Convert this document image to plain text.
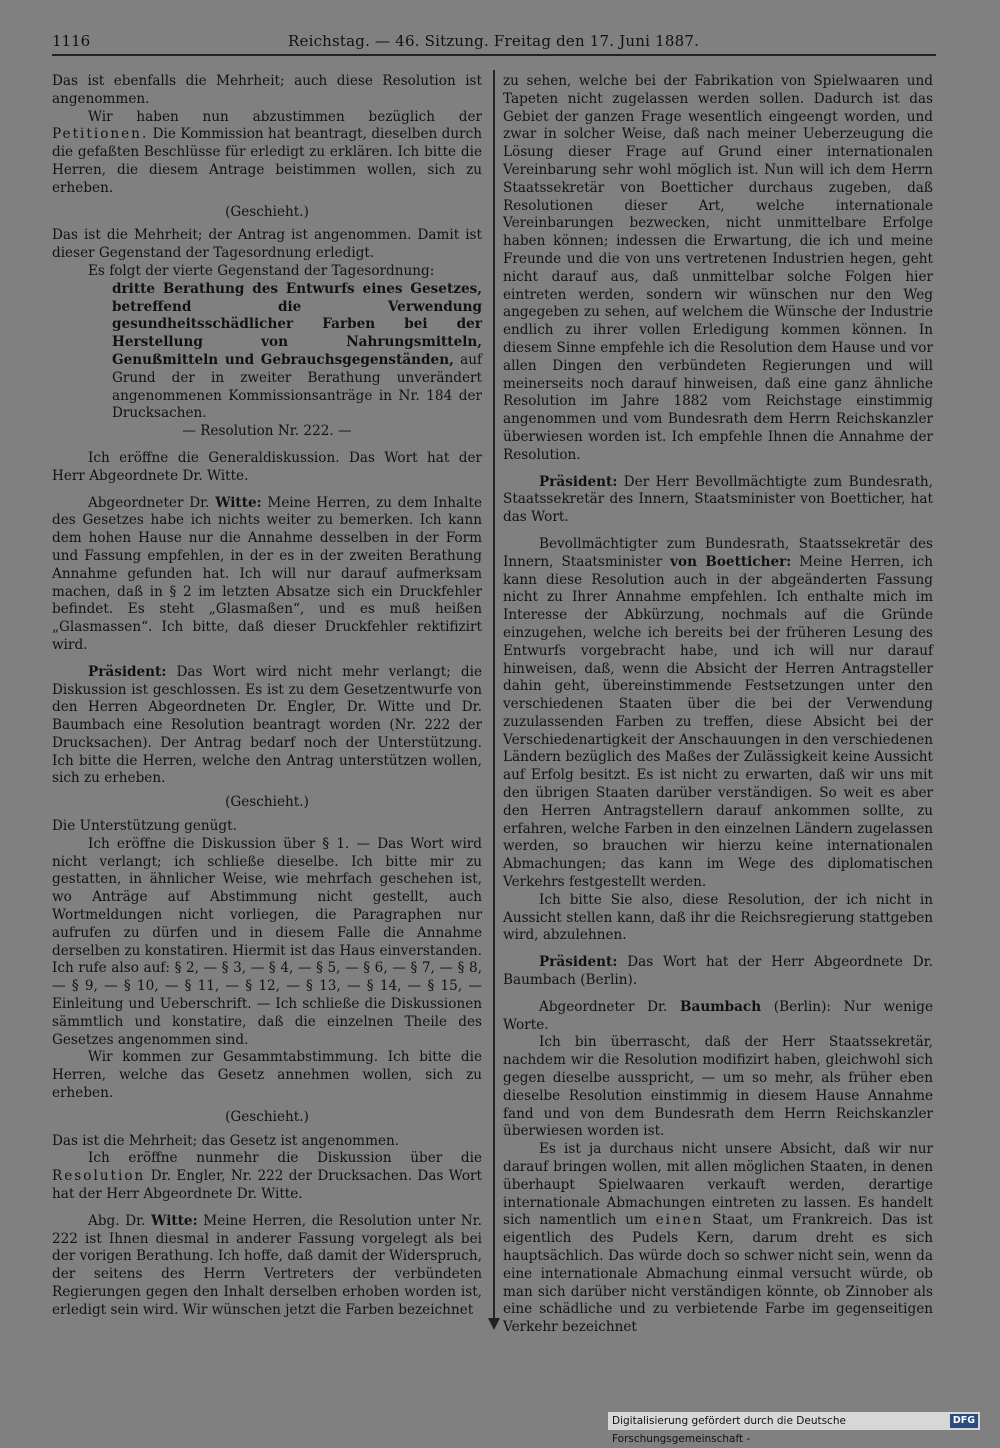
1116	Reichstag. — 46. Sitzung. Freitag den 17. Juni 1887.

Das ist ebenfalls die Mehrheit; auch diese Resolution ist angenommen.

Wir haben nun abzustimmen bezüglich der Petitionen. Die Kommission hat beantragt, dieselben durch die gefaßten Beschlüsse für erledigt zu erklären. Ich bitte die Herren, die diesem Antrage beistimmen wollen, sich zu erheben.

(Geschieht.)

Das ist die Mehrheit; der Antrag ist angenommen. Damit ist dieser Gegenstand der Tagesordnung erledigt.

Es folgt der vierte Gegenstand der Tagesordnung:

dritte Berathung des Entwurfs eines Gesetzes, betreffend die Verwendung gesundheitsschädlicher Farben bei der Herstellung von Nahrungsmitteln, Genußmitteln und Gebrauchsgegenständen, auf Grund der in zweiter Berathung unverändert angenommenen Kommissionsanträge in Nr. 184 der Drucksachen.

— Resolution Nr. 222. —

Ich eröffne die Generaldiskussion. Das Wort hat der Herr Abgeordnete Dr. Witte.

Abgeordneter Dr. Witte: Meine Herren, zu dem Inhalte des Gesetzes habe ich nichts weiter zu bemerken. Ich kann dem hohen Hause nur die Annahme desselben in der Form und Fassung empfehlen, in der es in der zweiten Berathung Annahme gefunden hat. Ich will nur darauf aufmerksam machen, daß in § 2 im letzten Absatze sich ein Druckfehler befindet. Es steht „Glasmaßen“, und es muß heißen „Glasmassen“. Ich bitte, daß dieser Druckfehler rektifizirt wird.

Präsident: Das Wort wird nicht mehr verlangt; die Diskussion ist geschlossen. Es ist zu dem Gesetzentwurfe von den Herren Abgeordneten Dr. Engler, Dr. Witte und Dr. Baumbach eine Resolution beantragt worden (Nr. 222 der Drucksachen). Der Antrag bedarf noch der Unterstützung. Ich bitte die Herren, welche den Antrag unterstützen wollen, sich zu erheben.

(Geschieht.)

Die Unterstützung genügt.

Ich eröffne die Diskussion über § 1. — Das Wort wird nicht verlangt; ich schließe dieselbe. Ich bitte mir zu gestatten, in ähnlicher Weise, wie mehrfach geschehen ist, wo Anträge auf Abstimmung nicht gestellt, auch Wortmeldungen nicht vorliegen, die Paragraphen nur aufrufen zu dürfen und in diesem Falle die Annahme derselben zu konstatiren. Hiermit ist das Haus einverstanden. Ich rufe also auf: § 2, — § 3, — § 4, — § 5, — § 6, — § 7, — § 8, — § 9, — § 10, — § 11, — § 12, — § 13, — § 14, — § 15, — Einleitung und Ueberschrift. — Ich schließe die Diskussionen sämmtlich und konstatire, daß die einzelnen Theile des Gesetzes angenommen sind.

Wir kommen zur Gesammtabstimmung. Ich bitte die Herren, welche das Gesetz annehmen wollen, sich zu erheben.

(Geschieht.)

Das ist die Mehrheit; das Gesetz ist angenommen.

Ich eröffne nunmehr die Diskussion über die Resolution Dr. Engler, Nr. 222 der Drucksachen. Das Wort hat der Herr Abgeordnete Dr. Witte.

Abg. Dr. Witte: Meine Herren, die Resolution unter Nr. 222 ist Ihnen diesmal in anderer Fassung vorgelegt als bei der vorigen Berathung. Ich hoffe, daß damit der Widerspruch, der seitens des Herrn Vertreters der verbündeten Regierungen gegen den Inhalt derselben erhoben worden ist, erledigt sein wird. Wir wünschen jetzt die Farben bezeichnet

zu sehen, welche bei der Fabrikation von Spielwaaren und Tapeten nicht zugelassen werden sollen. Dadurch ist das Gebiet der ganzen Frage wesentlich eingeengt worden, und zwar in solcher Weise, daß nach meiner Ueberzeugung die Lösung dieser Frage auf Grund einer internationalen Vereinbarung sehr wohl möglich ist. Nun will ich dem Herrn Staatssekretär von Boetticher durchaus zugeben, daß Resolutionen dieser Art, welche internationale Vereinbarungen bezwecken, nicht unmittelbare Erfolge haben können; indessen die Erwartung, die ich und meine Freunde und die von uns vertretenen Industrien hegen, geht nicht darauf aus, daß unmittelbar solche Folgen hier eintreten werden, sondern wir wünschen nur den Weg angegeben zu sehen, auf welchem die Wünsche der Industrie endlich zu ihrer vollen Erledigung kommen können. In diesem Sinne empfehle ich die Resolution dem Hause und vor allen Dingen den verbündeten Regierungen und will meinerseits noch darauf hinweisen, daß eine ganz ähnliche Resolution im Jahre 1882 vom Reichstage einstimmig angenommen und vom Bundesrath dem Herrn Reichskanzler überwiesen worden ist. Ich empfehle Ihnen die Annahme der Resolution.

Präsident: Der Herr Bevollmächtigte zum Bundesrath, Staatssekretär des Innern, Staatsminister von Boetticher, hat das Wort.

Bevollmächtigter zum Bundesrath, Staatssekretär des Innern, Staatsminister von Boetticher: Meine Herren, ich kann diese Resolution auch in der abgeänderten Fassung nicht zu Ihrer Annahme empfehlen. Ich enthalte mich im Interesse der Abkürzung, nochmals auf die Gründe einzugehen, welche ich bereits bei der früheren Lesung des Entwurfs vorgebracht habe, und ich will nur darauf hinweisen, daß, wenn die Absicht der Herren Antragsteller dahin geht, übereinstimmende Festsetzungen unter den verschiedenen Staaten über die bei der Verwendung zuzulassenden Farben zu treffen, diese Absicht bei der Verschiedenartigkeit der Anschauungen in den verschiedenen Ländern bezüglich des Maßes der Zulässigkeit keine Aussicht auf Erfolg besitzt. Es ist nicht zu erwarten, daß wir uns mit den übrigen Staaten darüber verständigen. So weit es aber den Herren Antragstellern darauf ankommen sollte, zu erfahren, welche Farben in den einzelnen Ländern zugelassen werden, so brauchen wir hierzu keine internationalen Abmachungen; das kann im Wege des diplomatischen Verkehrs festgestellt werden.

Ich bitte Sie also, diese Resolution, der ich nicht in Aussicht stellen kann, daß ihr die Reichsregierung stattgeben wird, abzulehnen.

Präsident: Das Wort hat der Herr Abgeordnete Dr. Baumbach (Berlin).

Abgeordneter Dr. Baumbach (Berlin): Nur wenige Worte.

Ich bin überrascht, daß der Herr Staatssekretär, nachdem wir die Resolution modifizirt haben, gleichwohl sich gegen dieselbe ausspricht, — um so mehr, als früher eben dieselbe Resolution einstimmig in diesem Hause Annahme fand und von dem Bundesrath dem Herrn Reichskanzler überwiesen worden ist.

Es ist ja durchaus nicht unsere Absicht, daß wir nur darauf bringen wollen, mit allen möglichen Staaten, in denen überhaupt Spielwaaren verkauft werden, derartige internationale Abmachungen eintreten zu lassen. Es handelt sich namentlich um einen Staat, um Frankreich. Das ist eigentlich des Pudels Kern, darum dreht es sich hauptsächlich. Das würde doch so schwer nicht sein, wenn da eine internationale Abmachung einmal versucht würde, ob man sich darüber nicht verständigen könnte, ob Zinnober als eine schädliche und zu verbietende Farbe im gegenseitigen Verkehr bezeichnet

Digitalisierung gefördert durch die Deutsche Forschungsgemeinschaft -
DFG
